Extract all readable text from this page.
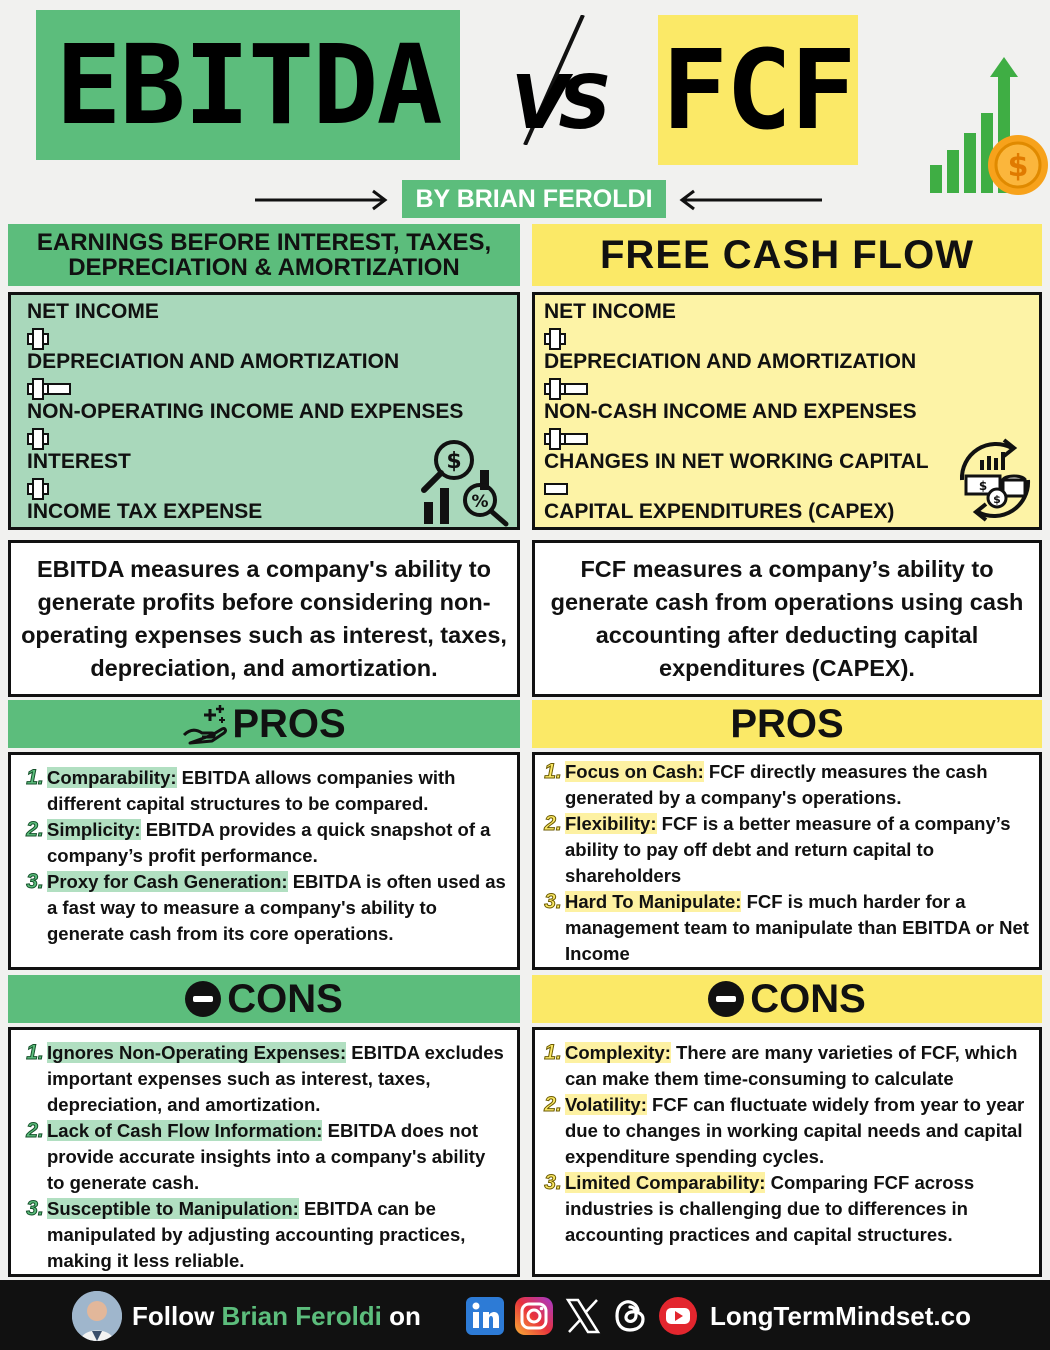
EBITDA VS FCF
$
BY BRIAN FEROLDI
EARNINGS BEFORE INTEREST, TAXES, DEPRECIATION & AMORTIZATION	FREE CASH FLOW
NET INCOME
DEPRECIATION AND AMORTIZATION
NON-OPERATING INCOME AND EXPENSES
INTEREST
INCOME TAX EXPENSE
$
%
NET INCOME
DEPRECIATION AND AMORTIZATION
NON-CASH INCOME AND EXPENSES
CHANGES IN NET WORKING CAPITAL
CAPITAL EXPENDITURES (CAPEX)
$
$
EBITDA measures a company's ability to generate profits before considering non-operating expenses such as interest, taxes, depreciation, and amortization.
FCF measures a company’s ability to generate cash from operations using cash accounting after deducting capital expenditures (CAPEX).
PROS	PROS
1. Comparability: EBITDA allows companies with different capital structures to be compared.
2. Simplicity: EBITDA provides a quick snapshot of a company’s profit performance.
3. Proxy for Cash Generation: EBITDA is often used as a fast way to measure a company's ability to generate cash from its core operations.
1. Focus on Cash: FCF directly measures the cash generated by a company's operations.
2. Flexibility: FCF is a better measure of a company’s ability to pay off debt and return capital to shareholders
3. Hard To Manipulate: FCF is much harder for a management team to manipulate than EBITDA or Net Income
CONS	CONS
1. Ignores Non-Operating Expenses: EBITDA excludes important expenses such as interest, taxes, depreciation, and amortization.
2. Lack of Cash Flow Information: EBITDA does not provide accurate insights into a company's ability to generate cash.
3. Susceptible to Manipulation: EBITDA can be manipulated by adjusting accounting practices, making it less reliable.
1. Complexity: There are many varieties of FCF, which can make them time-consuming to calculate
2. Volatility: FCF can fluctuate widely from year to year due to changes in working capital needs and capital expenditure spending cycles.
3. Limited Comparability: Comparing FCF across industries is challenging due to differences in accounting practices and capital structures.
Follow Brian Feroldi on	LongTermMindset.co
